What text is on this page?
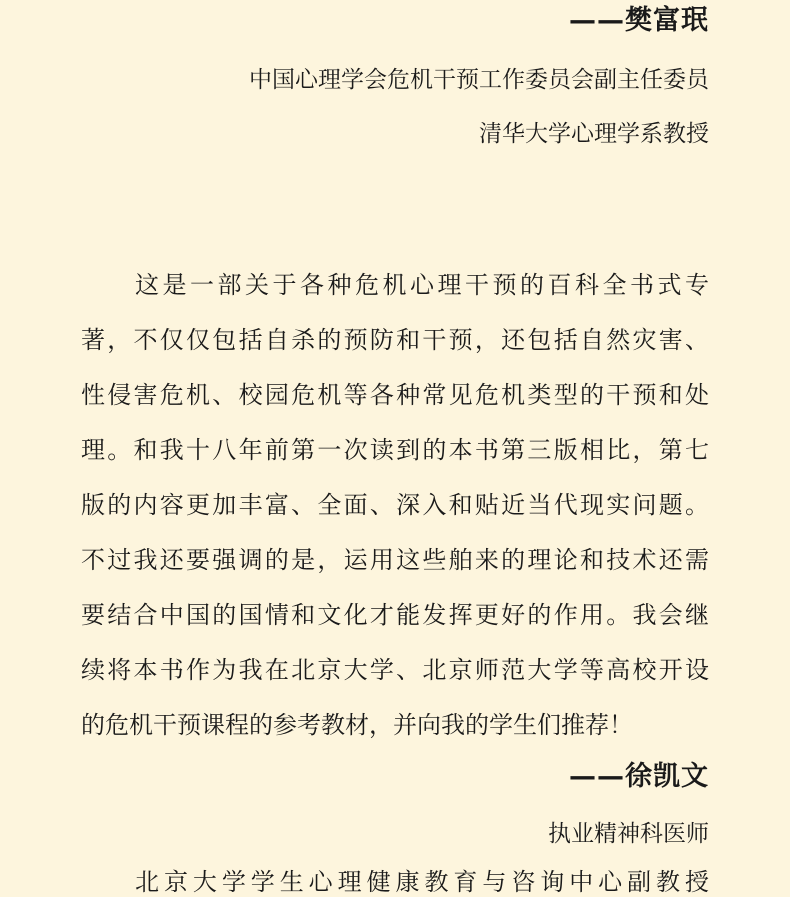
——樊富珉
中国心理学会危机干预工作委员会副主任委员
清华大学心理学系教授
这是一部关于各种危机心理干预的百科全书式专
著，不仅仅包括自杀的预防和干预，还包括自然灾害、
性侵害危机、校园危机等各种常见危机类型的干预和处
理。和我十八年前第一次读到的本书第三版相比，第七
版的内容更加丰富、全面、深入和贴近当代现实问题。
不过我还要强调的是，运用这些舶来的理论和技术还需
要结合中国的国情和文化才能发挥更好的作用。我会继
续将本书作为我在北京大学、北京师范大学等高校开设
的危机干预课程的参考教材，并向我的学生们推荐！
——徐凯文
执业精神科医师
北京大学学生心理健康教育与咨询中心副教授
